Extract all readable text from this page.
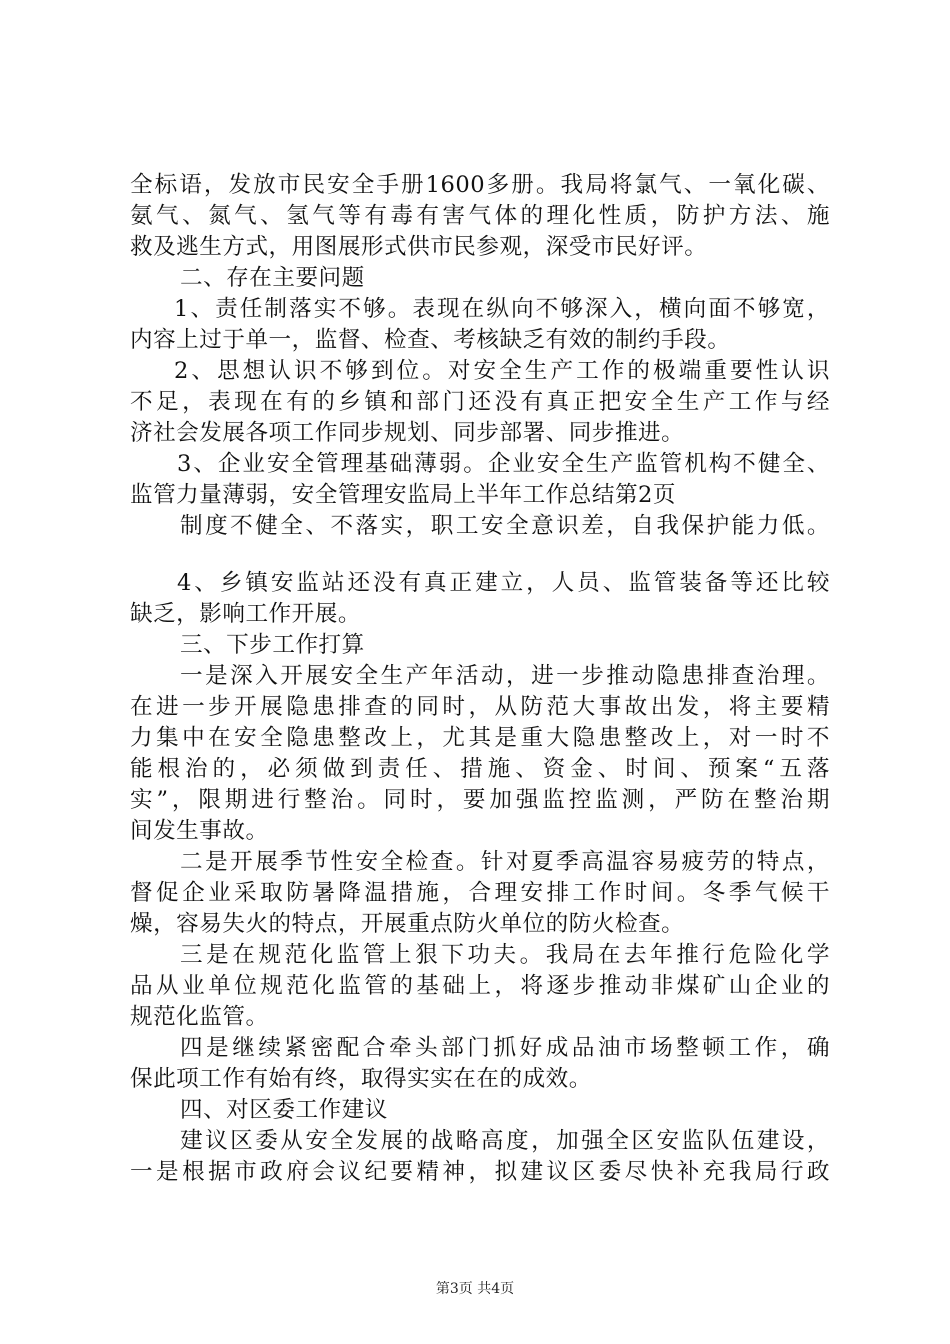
全标语，发放市民安全手册1600多册。我局将氯气、一氧化碳、
氨气、氮气、氢气等有毒有害气体的理化性质，防护方法、施
救及逃生方式，用图展形式供市民参观，深受市民好评。
二、存在主要问题
1、责任制落实不够。表现在纵向不够深入，横向面不够宽，
内容上过于单一，监督、检查、考核缺乏有效的制约手段。
2、思想认识不够到位。对安全生产工作的极端重要性认识
不足，表现在有的乡镇和部门还没有真正把安全生产工作与经
济社会发展各项工作同步规划、同步部署、同步推进。
3、企业安全管理基础薄弱。企业安全生产监管机构不健全、
监管力量薄弱，安全管理安监局上半年工作总结第2页
制度不健全、不落实，职工安全意识差，自我保护能力低。
4、乡镇安监站还没有真正建立，人员、监管装备等还比较
缺乏，影响工作开展。
三、下步工作打算
一是深入开展安全生产年活动，进一步推动隐患排查治理。
在进一步开展隐患排查的同时，从防范大事故出发，将主要精
力集中在安全隐患整改上，尤其是重大隐患整改上，对一时不
能根治的，必须做到责任、措施、资金、时间、预案“五落
实”，限期进行整治。同时，要加强监控监测，严防在整治期
间发生事故。
二是开展季节性安全检查。针对夏季高温容易疲劳的特点，
督促企业采取防暑降温措施，合理安排工作时间。冬季气候干
燥，容易失火的特点，开展重点防火单位的防火检查。
三是在规范化监管上狠下功夫。我局在去年推行危险化学
品从业单位规范化监管的基础上，将逐步推动非煤矿山企业的
规范化监管。
四是继续紧密配合牵头部门抓好成品油市场整顿工作，确
保此项工作有始有终，取得实实在在的成效。
四、对区委工作建议
建议区委从安全发展的战略高度，加强全区安监队伍建设，
一是根据市政府会议纪要精神，拟建议区委尽快补充我局行政
第3页 共4页
